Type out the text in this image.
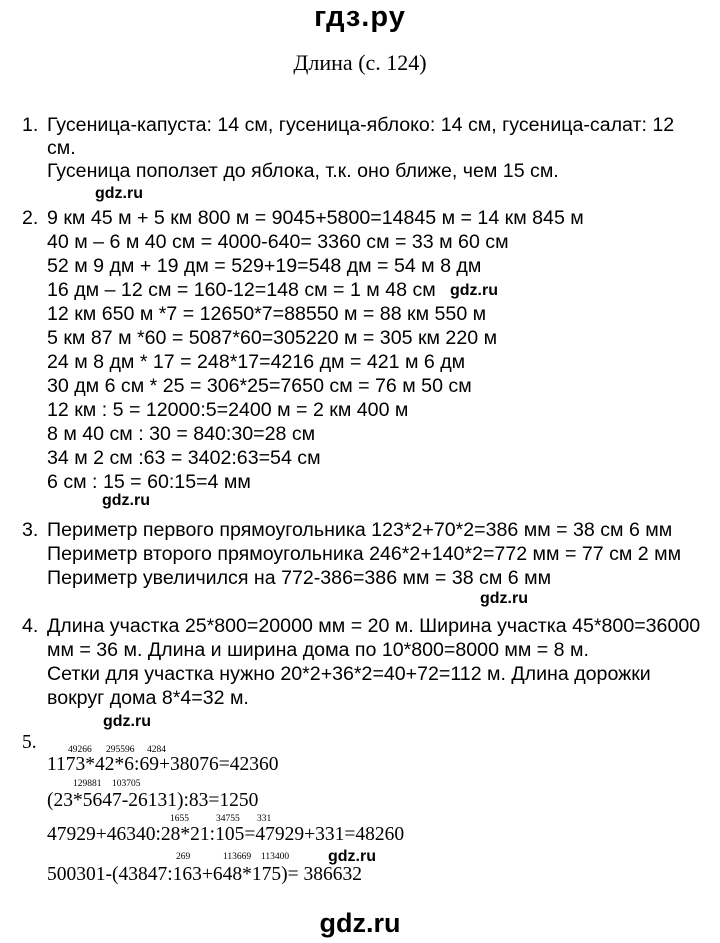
гдз.ру
Длина (с. 124)
1. Гусеница-капуста: 14 см, гусеница-яблоко: 14 см, гусеница-салат: 12
см.
Гусеница поползет до яблока, т.к. оно ближе, чем 15 см.
gdz.ru
2. 9 км 45 м + 5 км 800 м = 9045+5800=14845 м = 14 км 845 м
40 м – 6 м 40 см = 4000-640= 3360 см = 33 м 60 см
52 м 9 дм + 19 дм = 529+19=548 дм = 54 м 8 дм
16 дм – 12 см = 160-12=148 см = 1 м 48 см gdz.ru
12 км 650 м *7 = 12650*7=88550 м = 88 км 550 м
5 км 87 м *60 = 5087*60=305220 м = 305 км 220 м
24 м 8 дм * 17 = 248*17=4216 дм = 421 м 6 дм
30 дм 6 см * 25 = 306*25=7650 см = 76 м 50 см
12 км : 5 = 12000:5=2400 м = 2 км 400 м
8 м 40 см : 30 = 840:30=28 см
34 м 2 см :63 = 3402:63=54 см
6 см : 15 = 60:15=4 мм
gdz.ru
3. Периметр первого прямоугольника 123*2+70*2=386 мм = 38 см 6 мм
Периметр второго прямоугольника 246*2+140*2=772 мм = 77 см 2 мм
Периметр увеличился на 772-386=386 мм = 38 см 6 мм
gdz.ru
4. Длина участка 25*800=20000 мм = 20 м. Ширина участка 45*800=36000
мм = 36 м. Длина и ширина дома по 10*800=8000 мм = 8 м.
Сетки для участка нужно 20*2+36*2=40+72=112 м. Длина дорожки
вокруг дома 8*4=32 м.
gdz.ru
5.	49266 295596 4284
1173*42*6:69+38076=42360
129881 103705
(23*5647-26131):83=1250
1655	34755 331
47929+46340:28*21:105=47929+331=48260
269	113669 113400 gdz.ru
500301-(43847:163+648*175)= 386632
gdz.ru
